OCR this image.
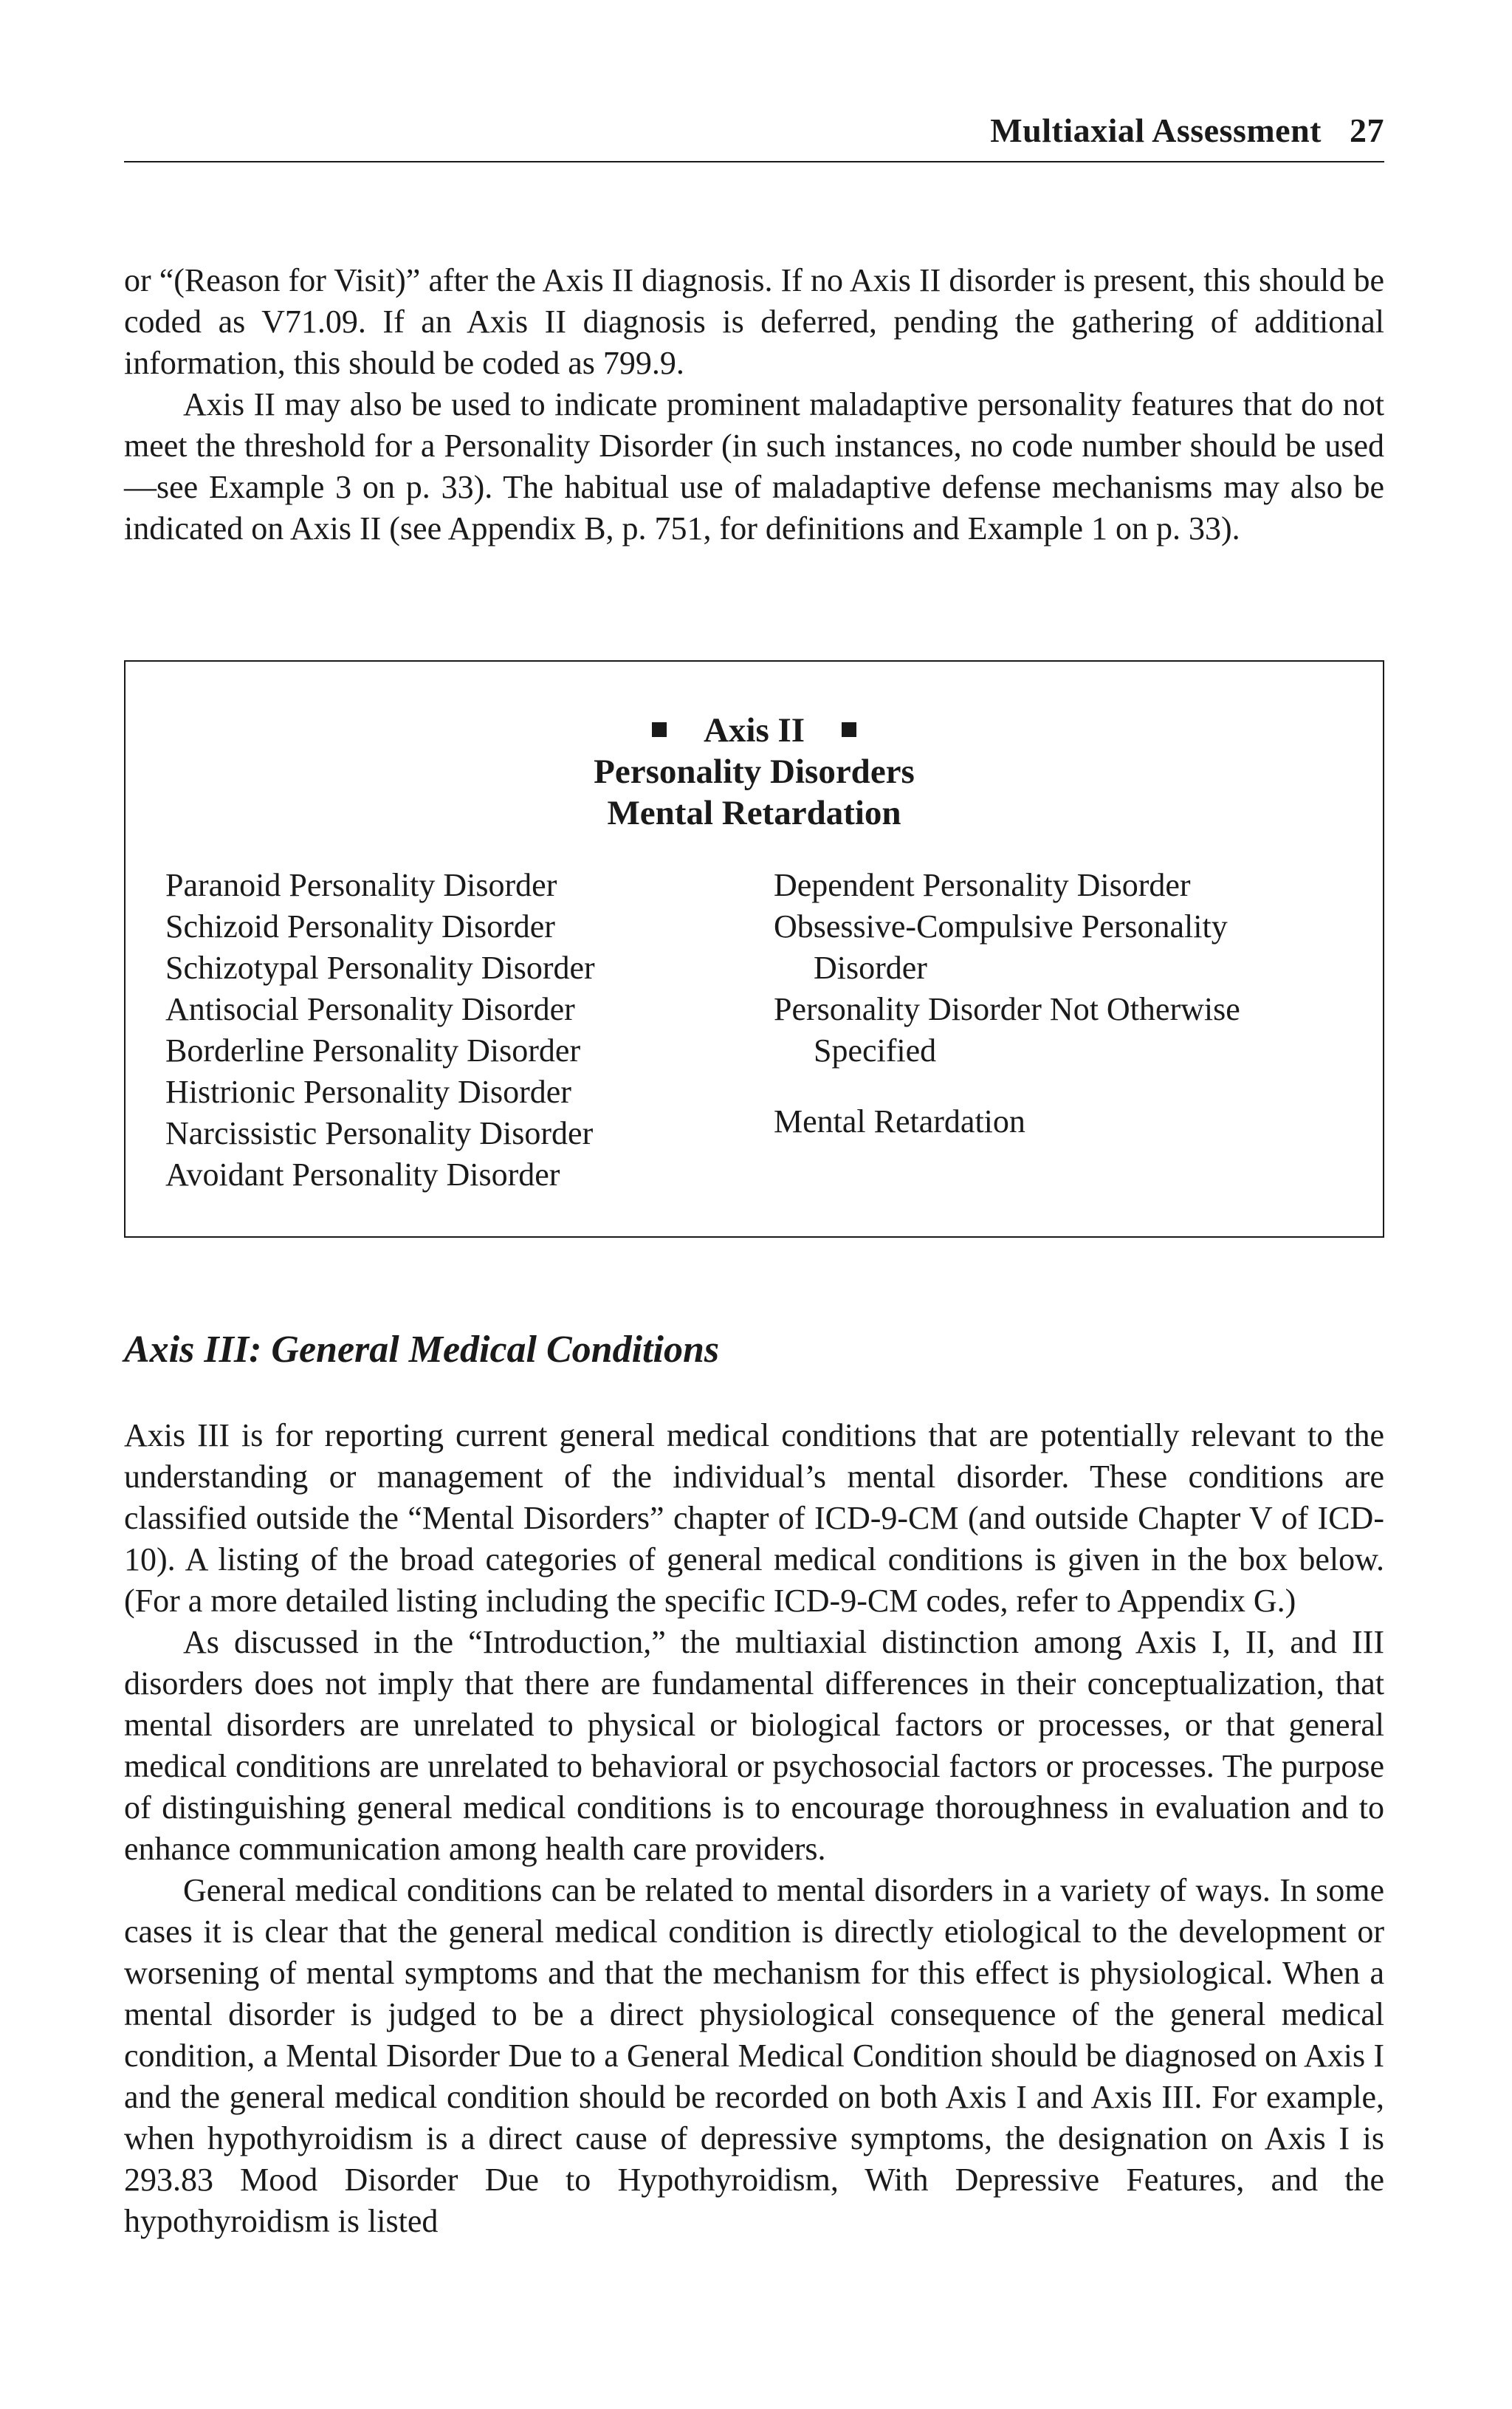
Multiaxial Assessment 27

or “(Reason for Visit)” after the Axis II diagnosis. If no Axis II disorder is present, this should be coded as V71.09. If an Axis II diagnosis is deferred, pending the gathering of additional information, this should be coded as 799.9.

Axis II may also be used to indicate prominent maladaptive personality features that do not meet the threshold for a Personality Disorder (in such instances, no code number should be used—see Example 3 on p. 33). The habitual use of maladaptive defense mechanisms may also be indicated on Axis II (see Appendix B, p. 751, for definitions and Example 1 on p. 33).

Axis II
Personality Disorders
Mental Retardation
Paranoid Personality Disorder
Schizoid Personality Disorder
Schizotypal Personality Disorder
Antisocial Personality Disorder
Borderline Personality Disorder
Histrionic Personality Disorder
Narcissistic Personality Disorder
Avoidant Personality Disorder
Dependent Personality Disorder
Obsessive-Compulsive Personality
Disorder
Personality Disorder Not Otherwise
Specified
Mental Retardation
Axis III: General Medical Conditions

Axis III is for reporting current general medical conditions that are potentially relevant to the understanding or management of the individual’s mental disorder. These conditions are classified outside the “Mental Disorders” chapter of ICD-9-CM (and outside Chapter V of ICD-10). A listing of the broad categories of general medical conditions is given in the box below. (For a more detailed listing including the specific ICD-9-CM codes, refer to Appendix G.)

As discussed in the “Introduction,” the multiaxial distinction among Axis I, II, and III disorders does not imply that there are fundamental differences in their conceptualization, that mental disorders are unrelated to physical or biological factors or processes, or that general medical conditions are unrelated to behavioral or psychosocial factors or processes. The purpose of distinguishing general medical conditions is to encourage thoroughness in evaluation and to enhance communication among health care providers.

General medical conditions can be related to mental disorders in a variety of ways. In some cases it is clear that the general medical condition is directly etiological to the development or worsening of mental symptoms and that the mechanism for this effect is physiological. When a mental disorder is judged to be a direct physiological consequence of the general medical condition, a Mental Disorder Due to a General Medical Condition should be diagnosed on Axis I and the general medical condition should be recorded on both Axis I and Axis III. For example, when hypothyroidism is a direct cause of depressive symptoms, the designation on Axis I is 293.83 Mood Disorder Due to Hypothyroidism, With Depressive Features, and the hypothyroidism is listed
